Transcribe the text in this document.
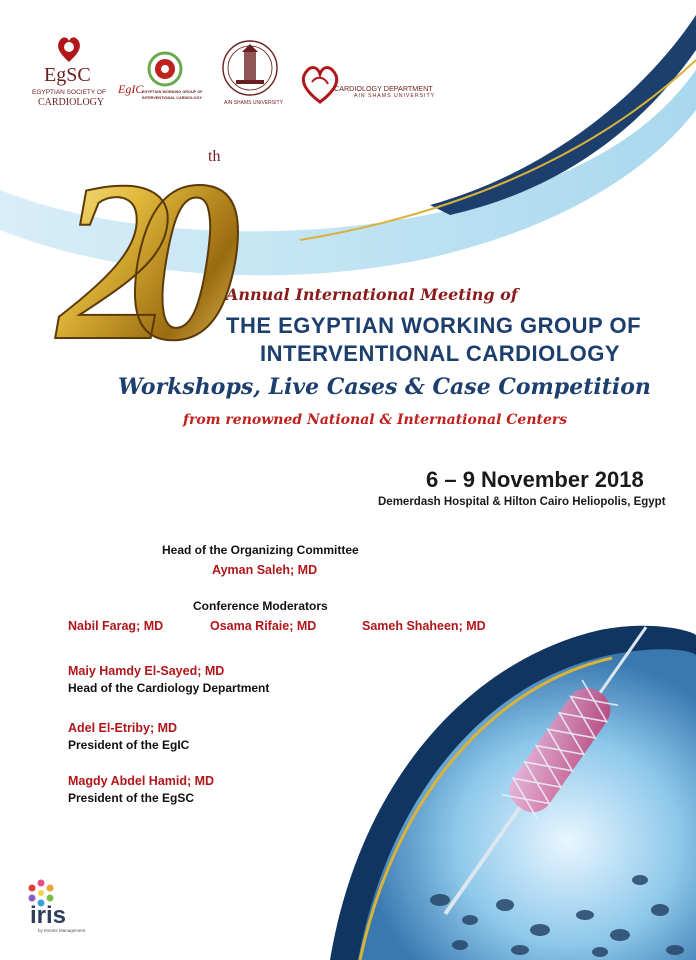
EgSC
EGYPTIAN SOCIETY OF
CARDIOLOGY
EgIC
EGYPTIAN WORKING GROUP OF
INTERVENTIONAL CARDIOLOGY
AIN SHAMS UNIVERSITY
CARDIOLOGY DEPARTMENT
AIN SHAMS UNIVERSITY
20 th
Annual International Meeting of
THE EGYPTIAN WORKING GROUP OF
INTERVENTIONAL CARDIOLOGY
Workshops, Live Cases & Case Competition
from renowned National & International Centers
6 – 9 November 2018
Demerdash Hospital & Hilton Cairo Heliopolis, Egypt
Head of the Organizing Committee
Ayman Saleh; MD
Conference Moderators
Nabil Farag; MD	Osama Rifaie; MD	Sameh Shaheen; MD
Maiy Hamdy El-Sayed; MD
Head of the Cardiology Department
Adel El-Etriby; MD
President of the EgIC
Magdy Abdel Hamid; MD
President of the EgSC
iris
by Events Management
